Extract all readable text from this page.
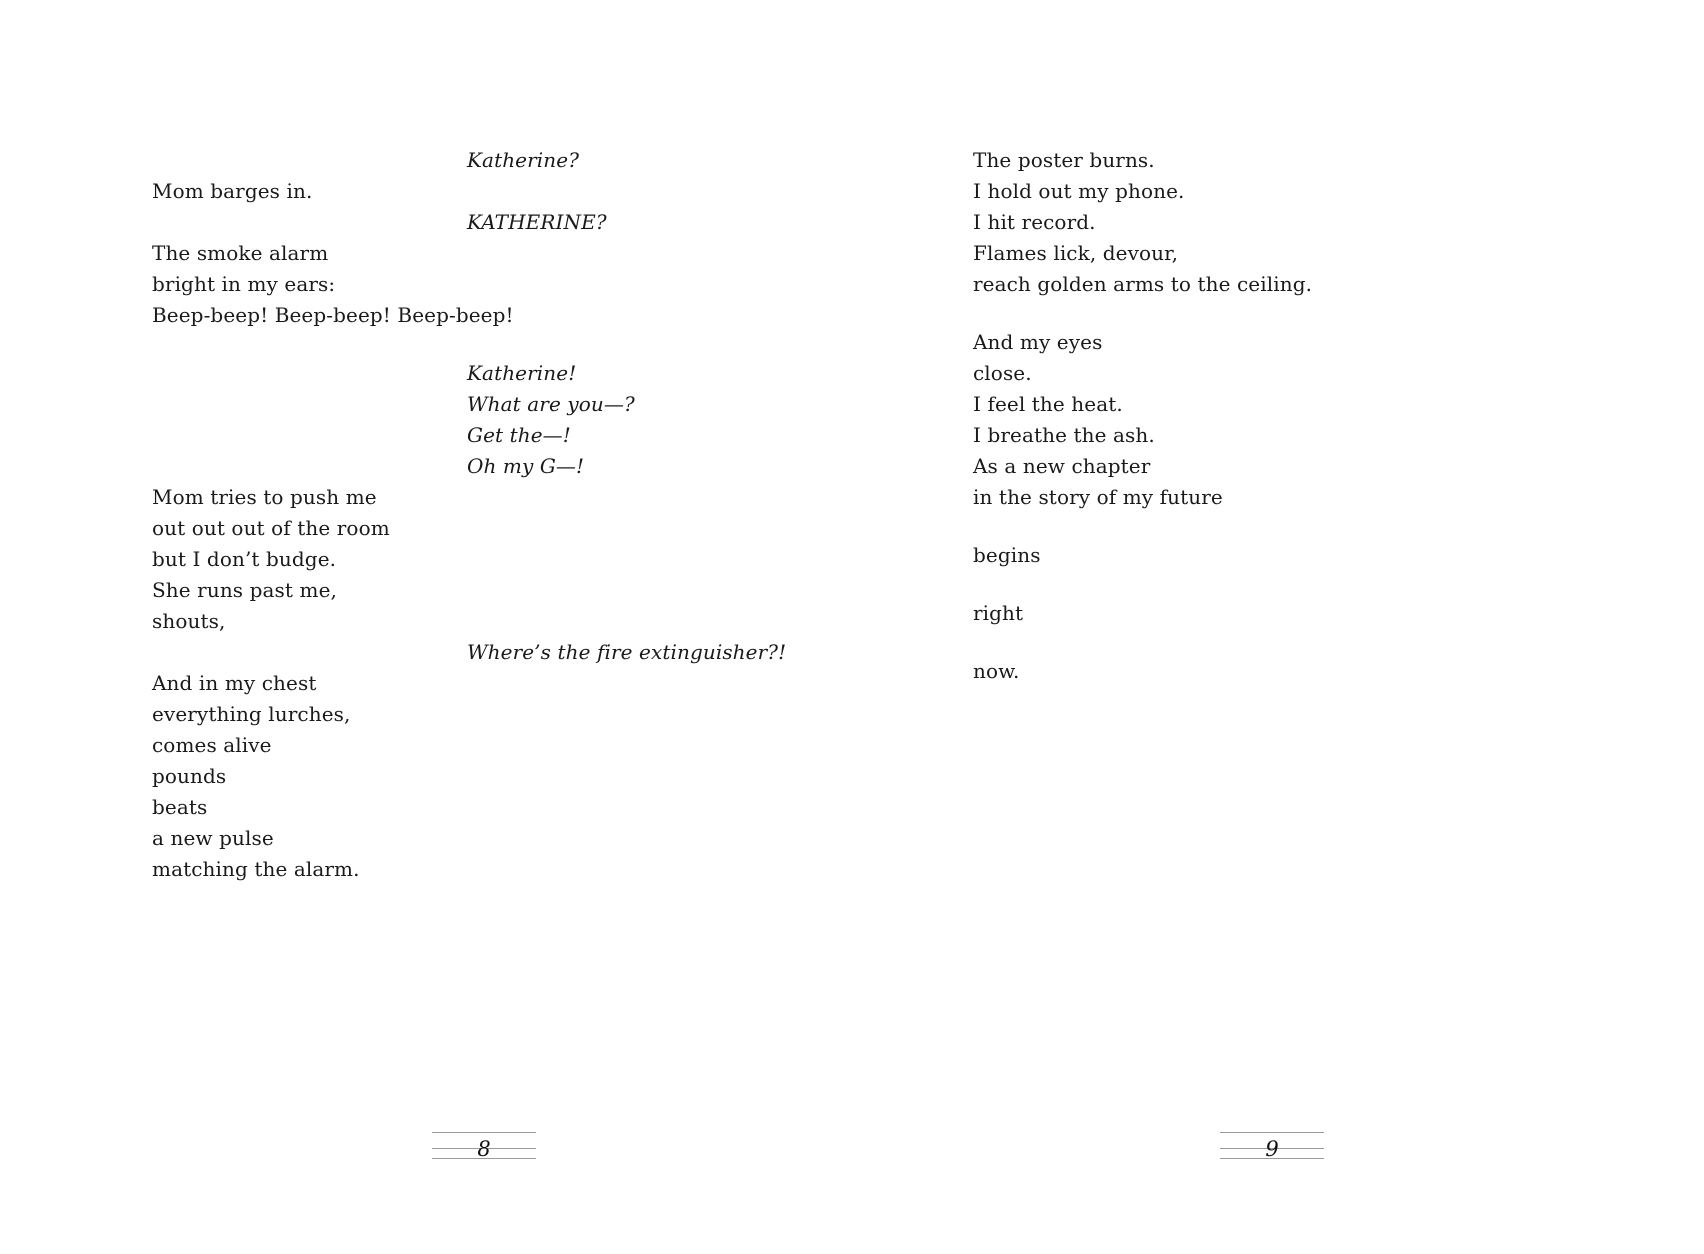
Katherine?
Mom barges in.
KATHERINE?
The smoke alarm
bright in my ears:
Beep-beep! Beep-beep! Beep-beep!
Katherine!
What are you—?
Get the—!
Oh my G—!
Mom tries to push me
out out out of the room
but I don’t budge.
She runs past me,
shouts,
Where’s the fire extinguisher?!
And in my chest
everything lurches,
comes alive
pounds
beats
a new pulse
matching the alarm.
8
The poster burns.
I hold out my phone.
I hit record.
Flames lick, devour,
reach golden arms to the ceiling.
And my eyes
close.
I feel the heat.
I breathe the ash.
As a new chapter
in the story of my future
begins
right
now.
9
